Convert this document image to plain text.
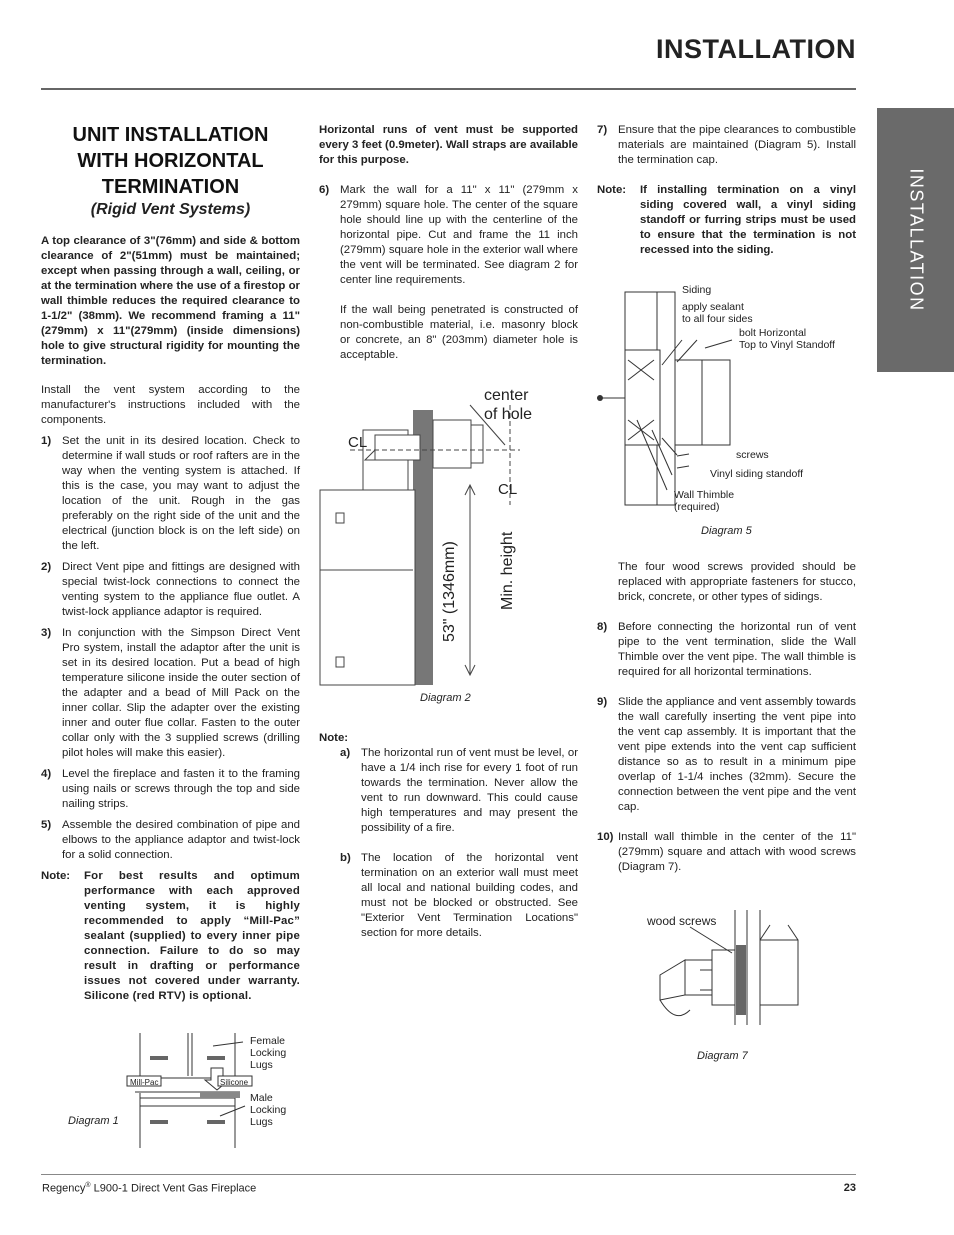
INSTALLATION
INSTALLATION
UNIT INSTALLATION
WITH HORIZONTAL
TERMINATION
(Rigid Vent Systems)

A top clearance of 3"(76mm) and side & bottom clearance of 2"(51mm) must be maintained; except when passing through a wall, ceiling, or at the termination where the use of a firestop or wall thimble reduces the required clearance to 1-1/2" (38mm). We recommend framing a 11"(279mm) x 11"(279mm) (inside dimensions) hole to give structural rigidity for mounting the termination.

Install the vent system according to the manufacturer's instructions included with the components.

1) Set the unit in its desired location. Check to determine if wall studs or roof rafters are in the way when the venting system is attached. If this is the case, you may want to adjust the location of the unit. Rough in the gas preferably on the right side of the unit and the electrical (junction block is on the left side) on the left.
2) Direct Vent pipe and fittings are designed with special twist-lock connections to connect the venting system to the appliance flue outlet. A twist-lock appliance adaptor is required.
3) In conjunction with the Simpson Direct Vent Pro system, install the adaptor after the unit is set in its desired location. Put a bead of high temperature silicone inside the outer section of the adapter and a bead of Mill Pack on the inner collar. Slip the adapter over the existing inner and outer flue collar. Fasten to the outer collar only with the 3 supplied screws (drilling pilot holes will make this easier).
4) Level the fireplace and fasten it to the framing using nails or screws through the top and side nailing strips.
5) Assemble the desired combination of pipe and elbows to the appliance adaptor and twist-lock for a solid connection.
Note: For best results and optimum performance with each approved venting system, it is highly recommended to apply “Mill-Pac” sealant (supplied) to every inner pipe connection. Failure to do so may result in drafting or performance issues not covered under warranty. Silicone (red RTV) is optional.
Mill-Pac	Silicone
Female
Locking
Lugs
Male
Locking
Lugs
Diagram 1

Horizontal runs of vent must be supported every 3 feet (0.9meter). Wall straps are available for this purpose.

6) Mark the wall for a 11" x 11" (279mm x 279mm) square hole. The center of the square hole should line up with the centerline of the horizontal pipe. Cut and frame the 11 inch (279mm) square hole in the exterior wall where the vent will be terminated. See diagram 2 for center line requirements.

If the wall being penetrated is constructed of non-combustible material, i.e. masonry block or concrete, an 8" (203mm) diameter hole is acceptable.

center
of hole
CL
CL
53" (1346mm)	Min. height
Diagram 2

Note:

a) The horizontal run of vent must be level, or have a 1/4 inch rise for every 1 foot of run towards the termination. Never allow the vent to run downward. This could cause high temperatures and may present the possibility of a fire.
b) The location of the horizontal vent termination on an exterior wall must meet all local and national building codes, and must not be blocked or obstructed. See "Exterior Vent Termination Locations" section for more details.
7) Ensure that the pipe clearances to combustible materials are maintained (Diagram 5). Install the termination cap.
Note: If installing termination on a vinyl siding covered wall, a vinyl siding standoff or furring strips must be used to ensure that the termination is not recessed into the siding.
Siding
apply sealant
to all four sides
bolt Horizontal
Top to Vinyl Standoff
screws
Vinyl siding standoff
Wall Thimble
(required)
Diagram 5

The four wood screws provided should be replaced with appropriate fasteners for stucco, brick, concrete, or other types of sidings.

8) Before connecting the horizontal run of vent pipe to the vent termination, slide the Wall Thimble over the vent pipe. The wall thimble is required for all horizontal terminations.
9) Slide the appliance and vent assembly towards the wall carefully inserting the vent pipe into the vent cap assembly. It is important that the vent pipe extends into the vent cap sufficient distance so as to result in a minimum pipe overlap of 1-1/4 inches (32mm). Secure the connection between the vent pipe and the vent cap.
10) Install wall thimble in the center of the 11" (279mm) square and attach with wood screws (Diagram 7).
wood screws
Diagram 7
Regency® L900-1 Direct Vent Gas Fireplace	23
